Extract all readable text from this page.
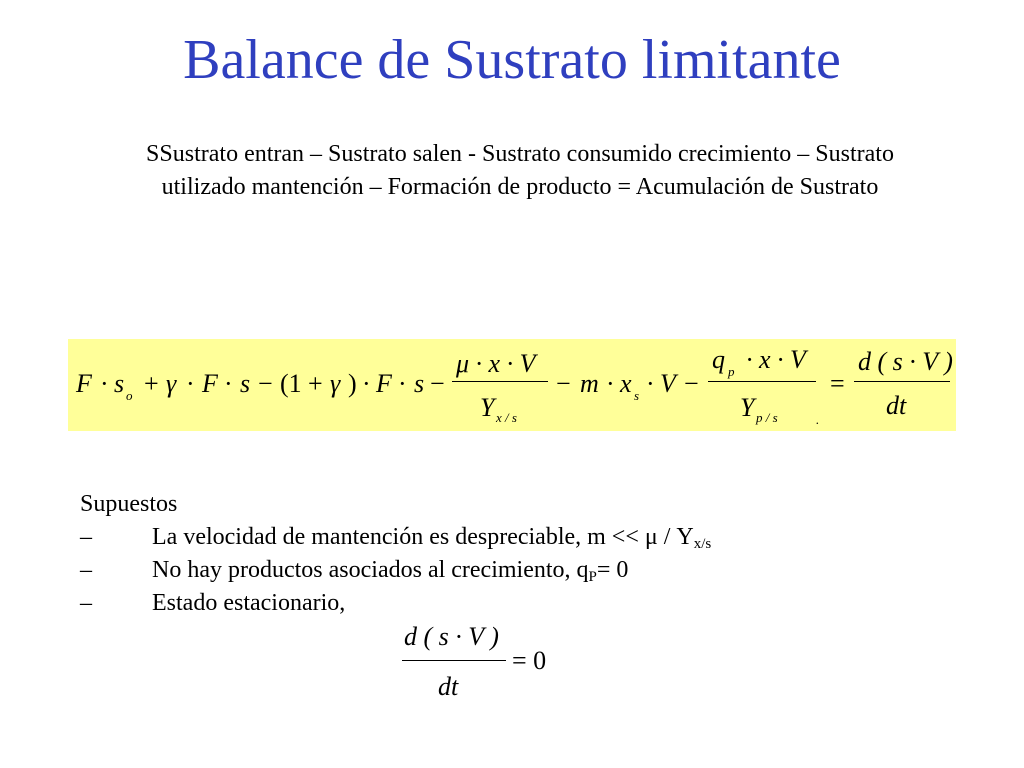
Balance de Sustrato limitante
SSustrato entran – Sustrato salen - Sustrato consumido crecimiento – Sustrato
utilizado mantención – Formación de producto = Acumulación de Sustrato
F · s o + γ · F · s − (1 + γ ) · F · s −
μ · x · V
Y x / s
− m · x s · V −
q p · x · V
Y p / s	.
=
d ( s · V )
dt
Supuestos
–	La velocidad de mantención es despreciable, $m << \mu / Y_{x/s}$
–	No hay productos asociados al crecimiento, $q_P= 0$
–	Estado estacionario,
d ( s · V )
dt
= 0
